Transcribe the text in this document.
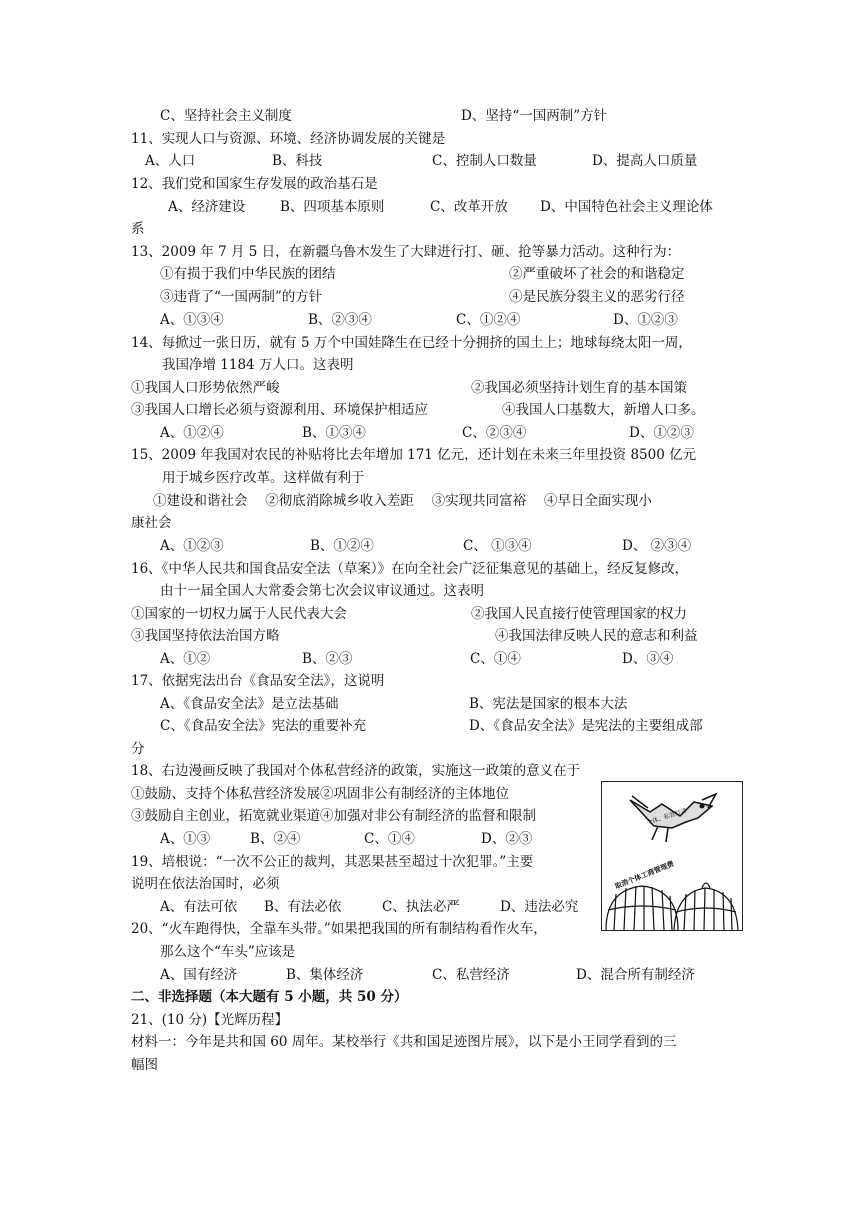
C、坚持社会主义制度	D、坚持“一国两制”方针
11、实现人口与资源、环境、经济协调发展的关键是
A、人口	B、科技	C、控制人口数量	D、提高人口质量
12、我们党和国家生存发展的政治基石是
A、经济建设	B、四项基本原则	C、改革开放 D、中国特色社会主义理论体
系
13、2009 年 7 月 5 日，在新疆乌鲁木发生了大肆进行打、砸、抢等暴力活动。这种行为：
①有损于我们中华民族的团结	②严重破坏了社会的和谐稳定
③违背了“一国两制”的方针	④是民族分裂主义的恶劣行径
A、①③④	B、②③④	C、①②④	D、①②③
14、每掀过一张日历，就有 5 万个中国娃降生在已经十分拥挤的国土上；地球每绕太阳一周，
我国净增 1184 万人口。这表明
①我国人口形势依然严峻	②我国必须坚持计划生育的基本国策
③我国人口增长必须与资源利用、环境保护相适应	④我国人口基数大，新增人口多。
A、①②④	B、①③④	C、②③④	D、①②③
15、2009 年我国对农民的补贴将比去年增加 171 亿元，还计划在未来三年里投资 8500 亿元
用于城乡医疗改革。这样做有利于
①建设和谐社会　 ②彻底消除城乡收入差距　 ③实现共同富裕　 ④早日全面实现小
康社会
A、①②③	B、①②④	C、 ①③④	D、 ②③④
16、《中华人民共和国食品安全法（草案）》在向全社会广泛征集意见的基础上，经反复修改，
由十一届全国人大常委会第七次会议审议通过。这表明
①国家的一切权力属于人民代表大会	②我国人民直接行使管理国家的权力
③我国坚持依法治国方略	④我国法律反映人民的意志和利益
A、①②	B、②③	C、①④	D、③④
17、依据宪法出台《食品安全法》，这说明
A、《食品安全法》是立法基础	B、宪法是国家的根本大法
C、《食品安全法》宪法的重要补充	D、《食品安全法》是宪法的主要组成部
分
18、右边漫画反映了我国对个体私营经济的政策，实施这一政策的意义在于
①鼓励、支持个体私营经济发展②巩固非公有制经济的主体地位
③鼓励自主创业，拓宽就业渠道④加强对非公有制经济的监督和限制
A、①③	B、②④	C、①④	D、②③
个体、私营经济
取消个体工商管理费
19、培根说：“一次不公正的裁判，其恶果甚至超过十次犯罪。”主要
说明在依法治国时，必须
A、有法可依 B、有法必依	C、执法必严	D、违法必究
20、“火车跑得快，全靠车头带。”如果把我国的所有制结构看作火车，
那么这个“车头”应该是
A、国有经济	B、集体经济	C、私营经济	D、混合所有制经济
二、非选择题（本大题有 5 小题，共 50 分）
21、(10 分)【光辉历程】
材料一：今年是共和国 60 周年。某校举行《共和国足迹图片展》，以下是小王同学看到的三
幅图
